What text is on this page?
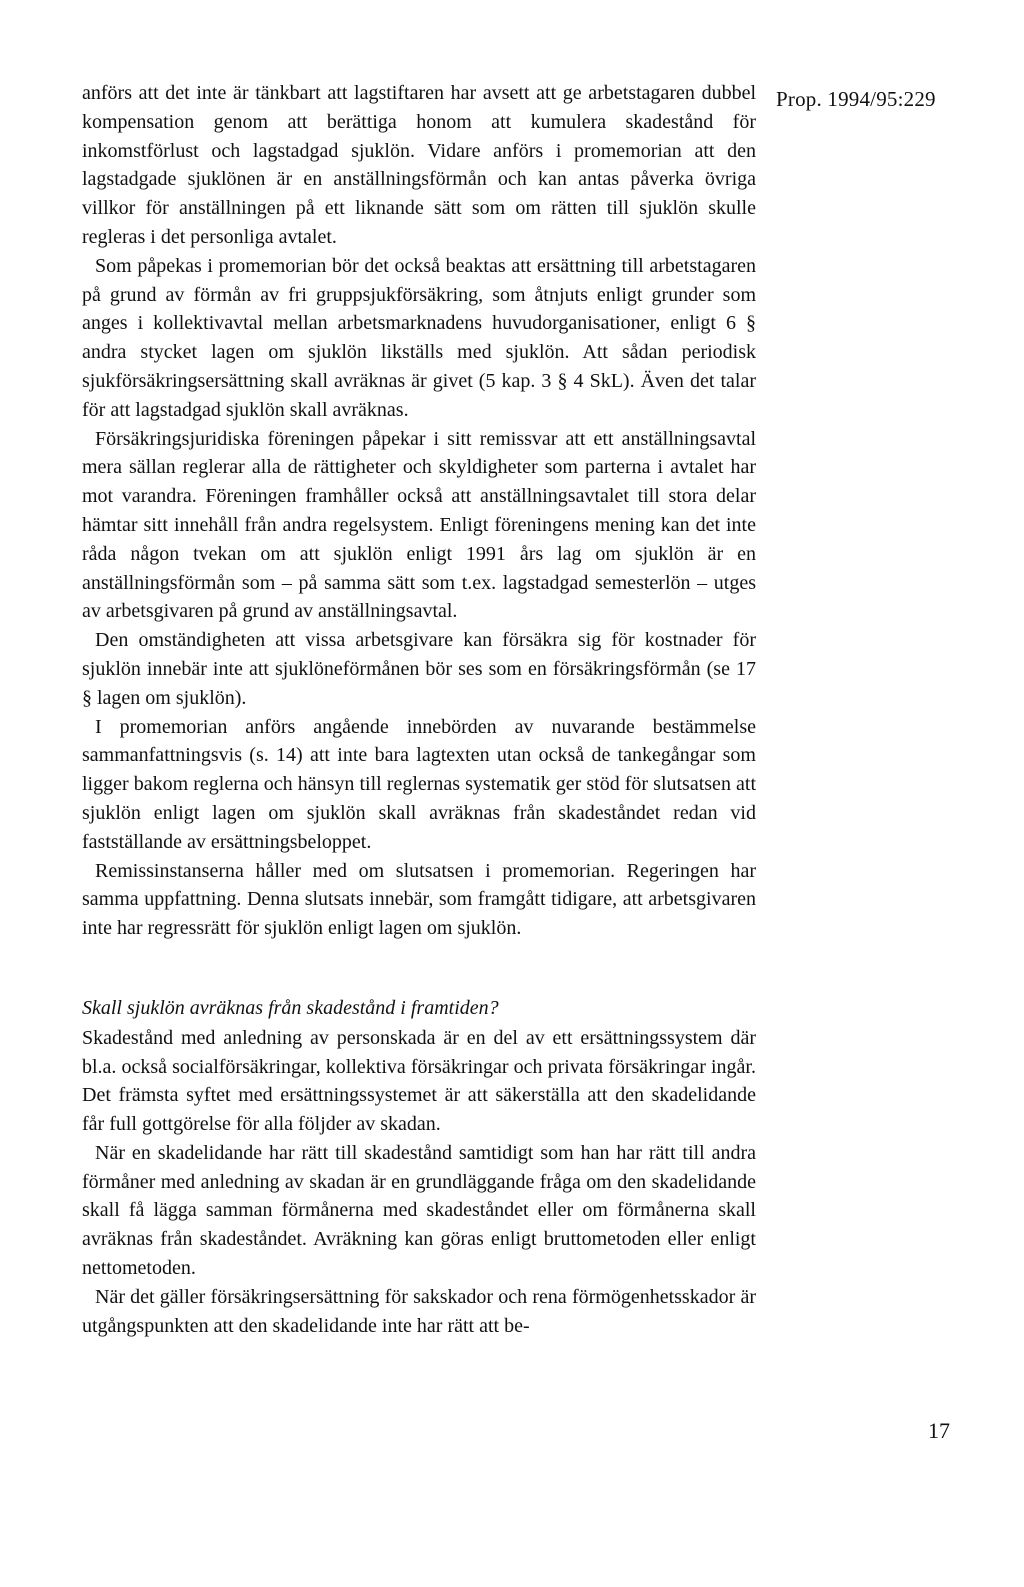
Prop. 1994/95:229

anförs att det inte är tänkbart att lagstiftaren har avsett att ge arbetstagaren dubbel kompensation genom att berättiga honom att kumulera skadestånd för inkomstförlust och lagstadgad sjuklön. Vidare anförs i promemorian att den lagstadgade sjuklönen är en anställningsförmån och kan antas påverka övriga villkor för anställningen på ett liknande sätt som om rätten till sjuklön skulle regleras i det personliga avtalet.

Som påpekas i promemorian bör det också beaktas att ersättning till arbetstagaren på grund av förmån av fri gruppsjukförsäkring, som åtnjuts enligt grunder som anges i kollektivavtal mellan arbetsmarknadens huvudorganisationer, enligt 6 § andra stycket lagen om sjuklön likställs med sjuklön. Att sådan periodisk sjukförsäkringsersättning skall avräknas är givet (5 kap. 3 § 4 SkL). Även det talar för att lagstadgad sjuklön skall avräknas.

Försäkringsjuridiska föreningen påpekar i sitt remissvar att ett anställningsavtal mera sällan reglerar alla de rättigheter och skyldigheter som parterna i avtalet har mot varandra. Föreningen framhåller också att anställningsavtalet till stora delar hämtar sitt innehåll från andra regelsystem. Enligt föreningens mening kan det inte råda någon tvekan om att sjuklön enligt 1991 års lag om sjuklön är en anställningsförmån som – på samma sätt som t.ex. lagstadgad semesterlön – utges av arbetsgivaren på grund av anställningsavtal.

Den omständigheten att vissa arbetsgivare kan försäkra sig för kostnader för sjuklön innebär inte att sjuklöneförmånen bör ses som en försäkringsförmån (se 17 § lagen om sjuklön).

I promemorian anförs angående innebörden av nuvarande bestämmelse sammanfattningsvis (s. 14) att inte bara lagtexten utan också de tankegångar som ligger bakom reglerna och hänsyn till reglernas systematik ger stöd för slutsatsen att sjuklön enligt lagen om sjuklön skall avräknas från skadeståndet redan vid fastställande av ersättningsbeloppet.

Remissinstanserna håller med om slutsatsen i promemorian. Regeringen har samma uppfattning. Denna slutsats innebär, som framgått tidigare, att arbetsgivaren inte har regressrätt för sjuklön enligt lagen om sjuklön.

Skall sjuklön avräknas från skadestånd i framtiden?

Skadestånd med anledning av personskada är en del av ett ersättningssystem där bl.a. också socialförsäkringar, kollektiva försäkringar och privata försäkringar ingår. Det främsta syftet med ersättningssystemet är att säkerställa att den skadelidande får full gottgörelse för alla följder av skadan.

När en skadelidande har rätt till skadestånd samtidigt som han har rätt till andra förmåner med anledning av skadan är en grundläggande fråga om den skadelidande skall få lägga samman förmånerna med skadeståndet eller om förmånerna skall avräknas från skadeståndet. Avräkning kan göras enligt bruttometoden eller enligt nettometoden.

När det gäller försäkringsersättning för sakskador och rena förmögenhetsskador är utgångspunkten att den skadelidande inte har rätt att be-

17
